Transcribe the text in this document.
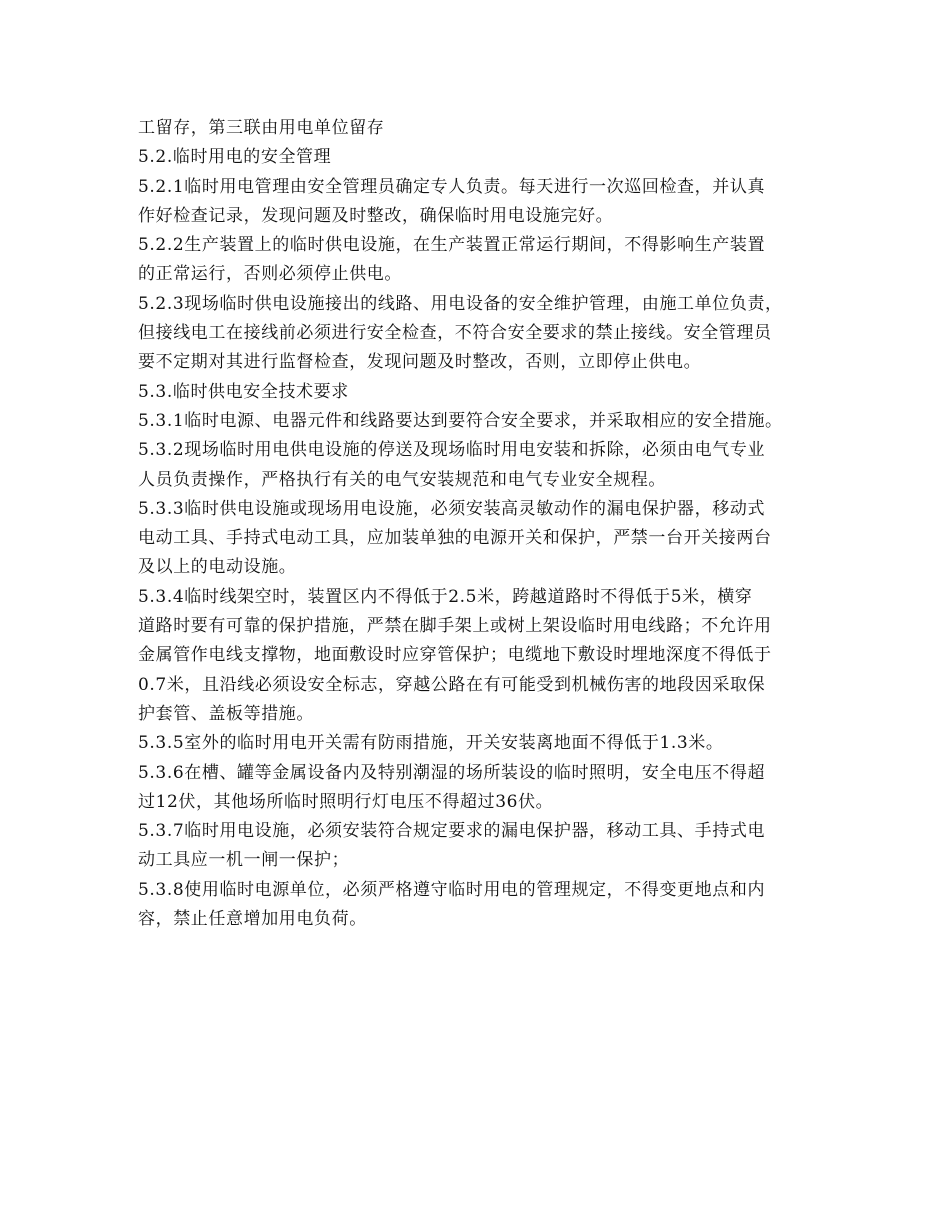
工留存，第三联由用电单位留存
5.2.临时用电的安全管理
5.2.1临时用电管理由安全管理员确定专人负责。每天进行一次巡回检查，并认真
作好检查记录，发现问题及时整改，确保临时用电设施完好。
5.2.2生产装置上的临时供电设施，在生产装置正常运行期间，不得影响生产装置
的正常运行，否则必须停止供电。
5.2.3现场临时供电设施接出的线路、用电设备的安全维护管理，由施工单位负责，
但接线电工在接线前必须进行安全检查，不符合安全要求的禁止接线。安全管理员
要不定期对其进行监督检查，发现问题及时整改，否则，立即停止供电。
5.3.临时供电安全技术要求
5.3.1临时电源、电器元件和线路要达到要符合安全要求，并采取相应的安全措施。
5.3.2现场临时用电供电设施的停送及现场临时用电安装和拆除，必须由电气专业
人员负责操作，严格执行有关的电气安装规范和电气专业安全规程。
5.3.3临时供电设施或现场用电设施，必须安装高灵敏动作的漏电保护器，移动式
电动工具、手持式电动工具，应加装单独的电源开关和保护，严禁一台开关接两台
及以上的电动设施。
5.3.4临时线架空时，装置区内不得低于2.5米，跨越道路时不得低于5米，横穿
道路时要有可靠的保护措施，严禁在脚手架上或树上架设临时用电线路；不允许用
金属管作电线支撑物，地面敷设时应穿管保护；电缆地下敷设时埋地深度不得低于
0.7米，且沿线必须设安全标志，穿越公路在有可能受到机械伤害的地段因采取保
护套管、盖板等措施。
5.3.5室外的临时用电开关需有防雨措施，开关安装离地面不得低于1.3米。
5.3.6在槽、罐等金属设备内及特别潮湿的场所装设的临时照明，安全电压不得超
过12伏，其他场所临时照明行灯电压不得超过36伏。
5.3.7临时用电设施，必须安装符合规定要求的漏电保护器，移动工具、手持式电
动工具应一机一闸一保护；
5.3.8使用临时电源单位，必须严格遵守临时用电的管理规定，不得变更地点和内
容，禁止任意增加用电负荷。
